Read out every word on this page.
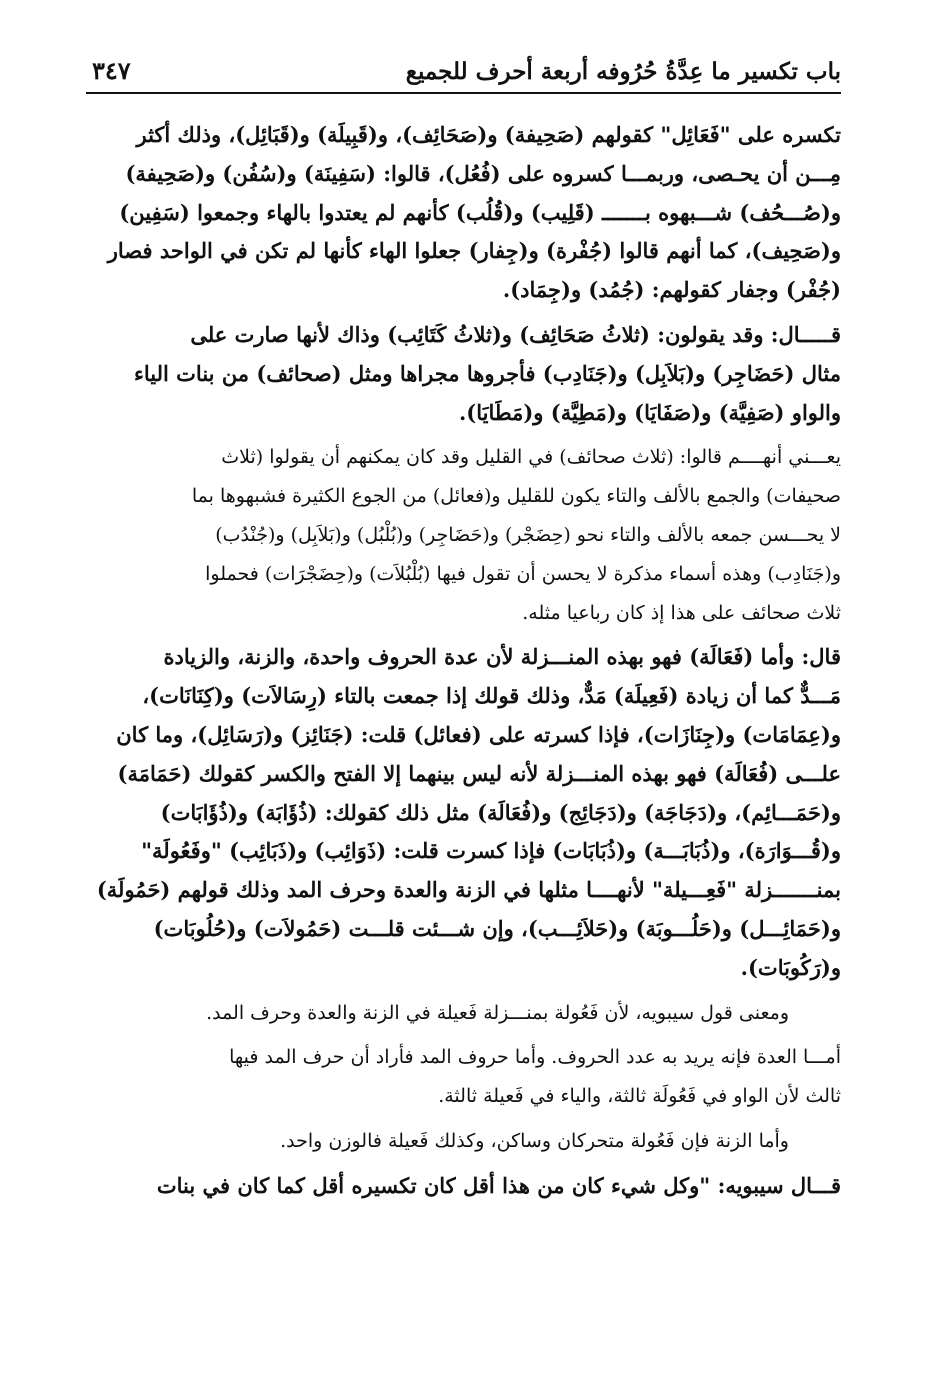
باب تكسير ما عِدَّةُ حُرُوفه أربعة أحرف للجميع
٣٤٧
تكسره على "فَعَائِل" كقولهم (صَحِيفة) و(صَحَائِف)، و(قَبِيلَة) و(قَبَائِل)، وذلك أكثر
مِـــن أن يحـصى، وربمـــا كسروه على (فُعُل)، قالوا: (سَفِينَة) و(سُفُن) و(صَحِيفة)
و(صُـــحُف) شـــبهوه بـــــــ (قَلِيب) و(قُلُب) كأنهم لم يعتدوا بالهاء وجمعوا (سَفِين)
و(صَحِيف)، كما أنهم قالوا (جُفْرة) و(جِفار) جعلوا الهاء كأنها لم تكن في الواحد فصار
(جُفْر) وجفار كقولهم: (جُمُد) و(جِمَاد).
قـــــال: وقد يقولون: (ثلاثُ صَحَائِف) و(ثلاثُ كَتَائِب) وذاك لأنها صارت على
مثال (حَضَاجِر) و(بَلاَبِل) و(جَنَادِب) فأجروها مجراها ومثل (صحائف) من بنات الياء
والواو (صَفِيَّة) و(صَفَايَا) و(مَطِيَّة) و(مَطَايَا).
يعـــني أنهــــم قالوا: (ثلاث صحائف) في القليل وقد كان يمكنهم أن يقولوا (ثلاث
صحيفات) والجمع بالألف والتاء يكون للقليل و(فعائل) من الجوع الكثيرة فشبهوها بما
لا يحـــسن جمعه بالألف والتاء نحو (حِضَجْر) و(حَضَاجِر) و(بُلْبُل) و(بَلاَبِل) و(جُنْدُب)
و(جَنَادِب) وهذه أسماء مذكرة لا يحسن أن تقول فيها (بُلْبُلاَت) و(حِضَجْرَات) فحملوا
ثلاث صحائف على هذا إذ كان رباعيا مثله.
قال: وأما (فَعَالَة) فهو بهذه المنـــزلة لأن عدة الحروف واحدة، والزنة، والزيادة
مَـــدٌّ كما أن زيادة (فَعِيلَة) مَدٌّ، وذلك قولك إذا جمعت بالتاء (رِسَالاَت) و(كِنَانَات)،
و(عِمَامَات) و(جِنَازَات)، فإذا كسرته على (فعائل) قلت: (جَنَائِز) و(رَسَائِل)، وما كان
علـــى (فُعَالَة) فهو بهذه المنـــزلة لأنه ليس بينهما إلا الفتح والكسر كقولك (حَمَامَة)
و(حَمَـــائِم)، و(دَجَاجَة) و(دَجَائِج) و(فُعَالَة) مثل ذلك كقولك: (ذُؤَابَة) و(ذُؤَابَات)
و(قُـــوَارَة)، و(ذُبَابَـــة) و(ذُبَابَات) فإذا كسرت قلت: (ذَوَائِب) و(ذَبَائِب) "وفَعُولَة"
بمنـــــــزلة "فَعِـــيلة" لأنهــــا مثلها في الزنة والعدة وحرف المد وذلك قولهم (حَمُولَة)
و(حَمَائِـــل) و(حَلُـــوبَة) و(حَلاَئِـــب)، وإن شـــئت قلـــت (حَمُولاَت) و(حُلُوبَات)
و(رَكُوبَات).
ومعنى قول سيبويه، لأن فَعُولة بمنـــزلة فَعيلة في الزنة والعدة وحرف المد.
أمـــا العدة فإنه يريد به عدد الحروف. وأما حروف المد فأراد أن حرف المد فيها
ثالث لأن الواو في فَعُولَة ثالثة، والياء في فَعيلة ثالثة.
وأما الزنة فإن فَعُولة متحركان وساكن، وكذلك فَعيلة فالوزن واحد.
قـــال سيبويه: "وكل شيء كان من هذا أقل كان تكسيره أقل كما كان في بنات
